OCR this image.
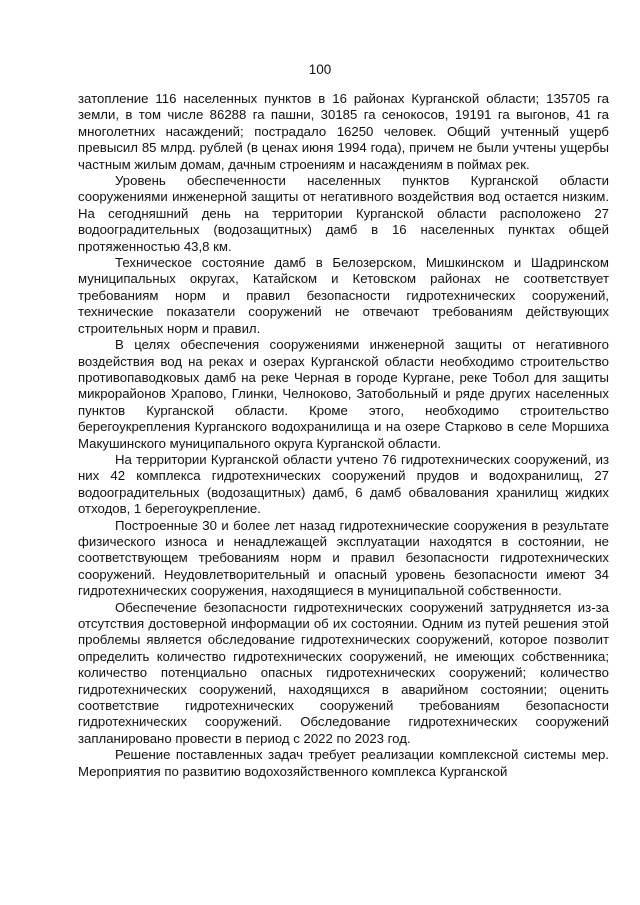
100

затопление 116 населенных пунктов в 16 районах Курганской области; 135705 га земли, в том числе 86288 га пашни, 30185 га сенокосов, 19191 га выгонов, 41 га многолетних насаждений; пострадало 16250 человек. Общий учтенный ущерб превысил 85 млрд. рублей (в ценах июня 1994 года), причем не были учтены ущербы частным жилым домам, дачным строениям и насаждениям в поймах рек.

Уровень обеспеченности населенных пунктов Курганской области сооружениями инженерной защиты от негативного воздействия вод остается низким. На сегодняшний день на территории Курганской области расположено 27 водооградительных (водозащитных) дамб в 16 населенных пунктах общей протяженностью 43,8 км.

Техническое состояние дамб в Белозерском, Мишкинском и Шадринском муниципальных округах, Катайском и Кетовском районах не соответствует требованиям норм и правил безопасности гидротехнических сооружений, технические показатели сооружений не отвечают требованиям действующих строительных норм и правил.

В целях обеспечения сооружениями инженерной защиты от негативного воздействия вод на реках и озерах Курганской области необходимо строительство противопаводковых дамб на реке Черная в городе Кургане, реке Тобол для защиты микрорайонов Храпово, Глинки, Челноково, Затобольный и ряде других населенных пунктов Курганской области. Кроме этого, необходимо строительство берегоукрепления Курганского водохранилища и на озере Старково в селе Моршиха Макушинского муниципального округа Курганской области.

На территории Курганской области учтено 76 гидротехнических сооружений, из них 42 комплекса гидротехнических сооружений прудов и водохранилищ, 27 водооградительных (водозащитных) дамб, 6 дамб обвалования хранилищ жидких отходов, 1 берегоукрепление.

Построенные 30 и более лет назад гидротехнические сооружения в результате физического износа и ненадлежащей эксплуатации находятся в состоянии, не соответствующем требованиям норм и правил безопасности гидротехнических сооружений. Неудовлетворительный и опасный уровень безопасности имеют 34 гидротехнических сооружения, находящиеся в муниципальной собственности.

Обеспечение безопасности гидротехнических сооружений затрудняется из-за отсутствия достоверной информации об их состоянии. Одним из путей решения этой проблемы является обследование гидротехнических сооружений, которое позволит определить количество гидротехнических сооружений, не имеющих собственника; количество потенциально опасных гидротехнических сооружений; количество гидротехнических сооружений, находящихся в аварийном состоянии; оценить соответствие гидротехнических сооружений требованиям безопасности гидротехнических сооружений. Обследование гидротехнических сооружений запланировано провести в период с 2022 по 2023 год.

Решение поставленных задач требует реализации комплексной системы мер. Мероприятия по развитию водохозяйственного комплекса Курганской
